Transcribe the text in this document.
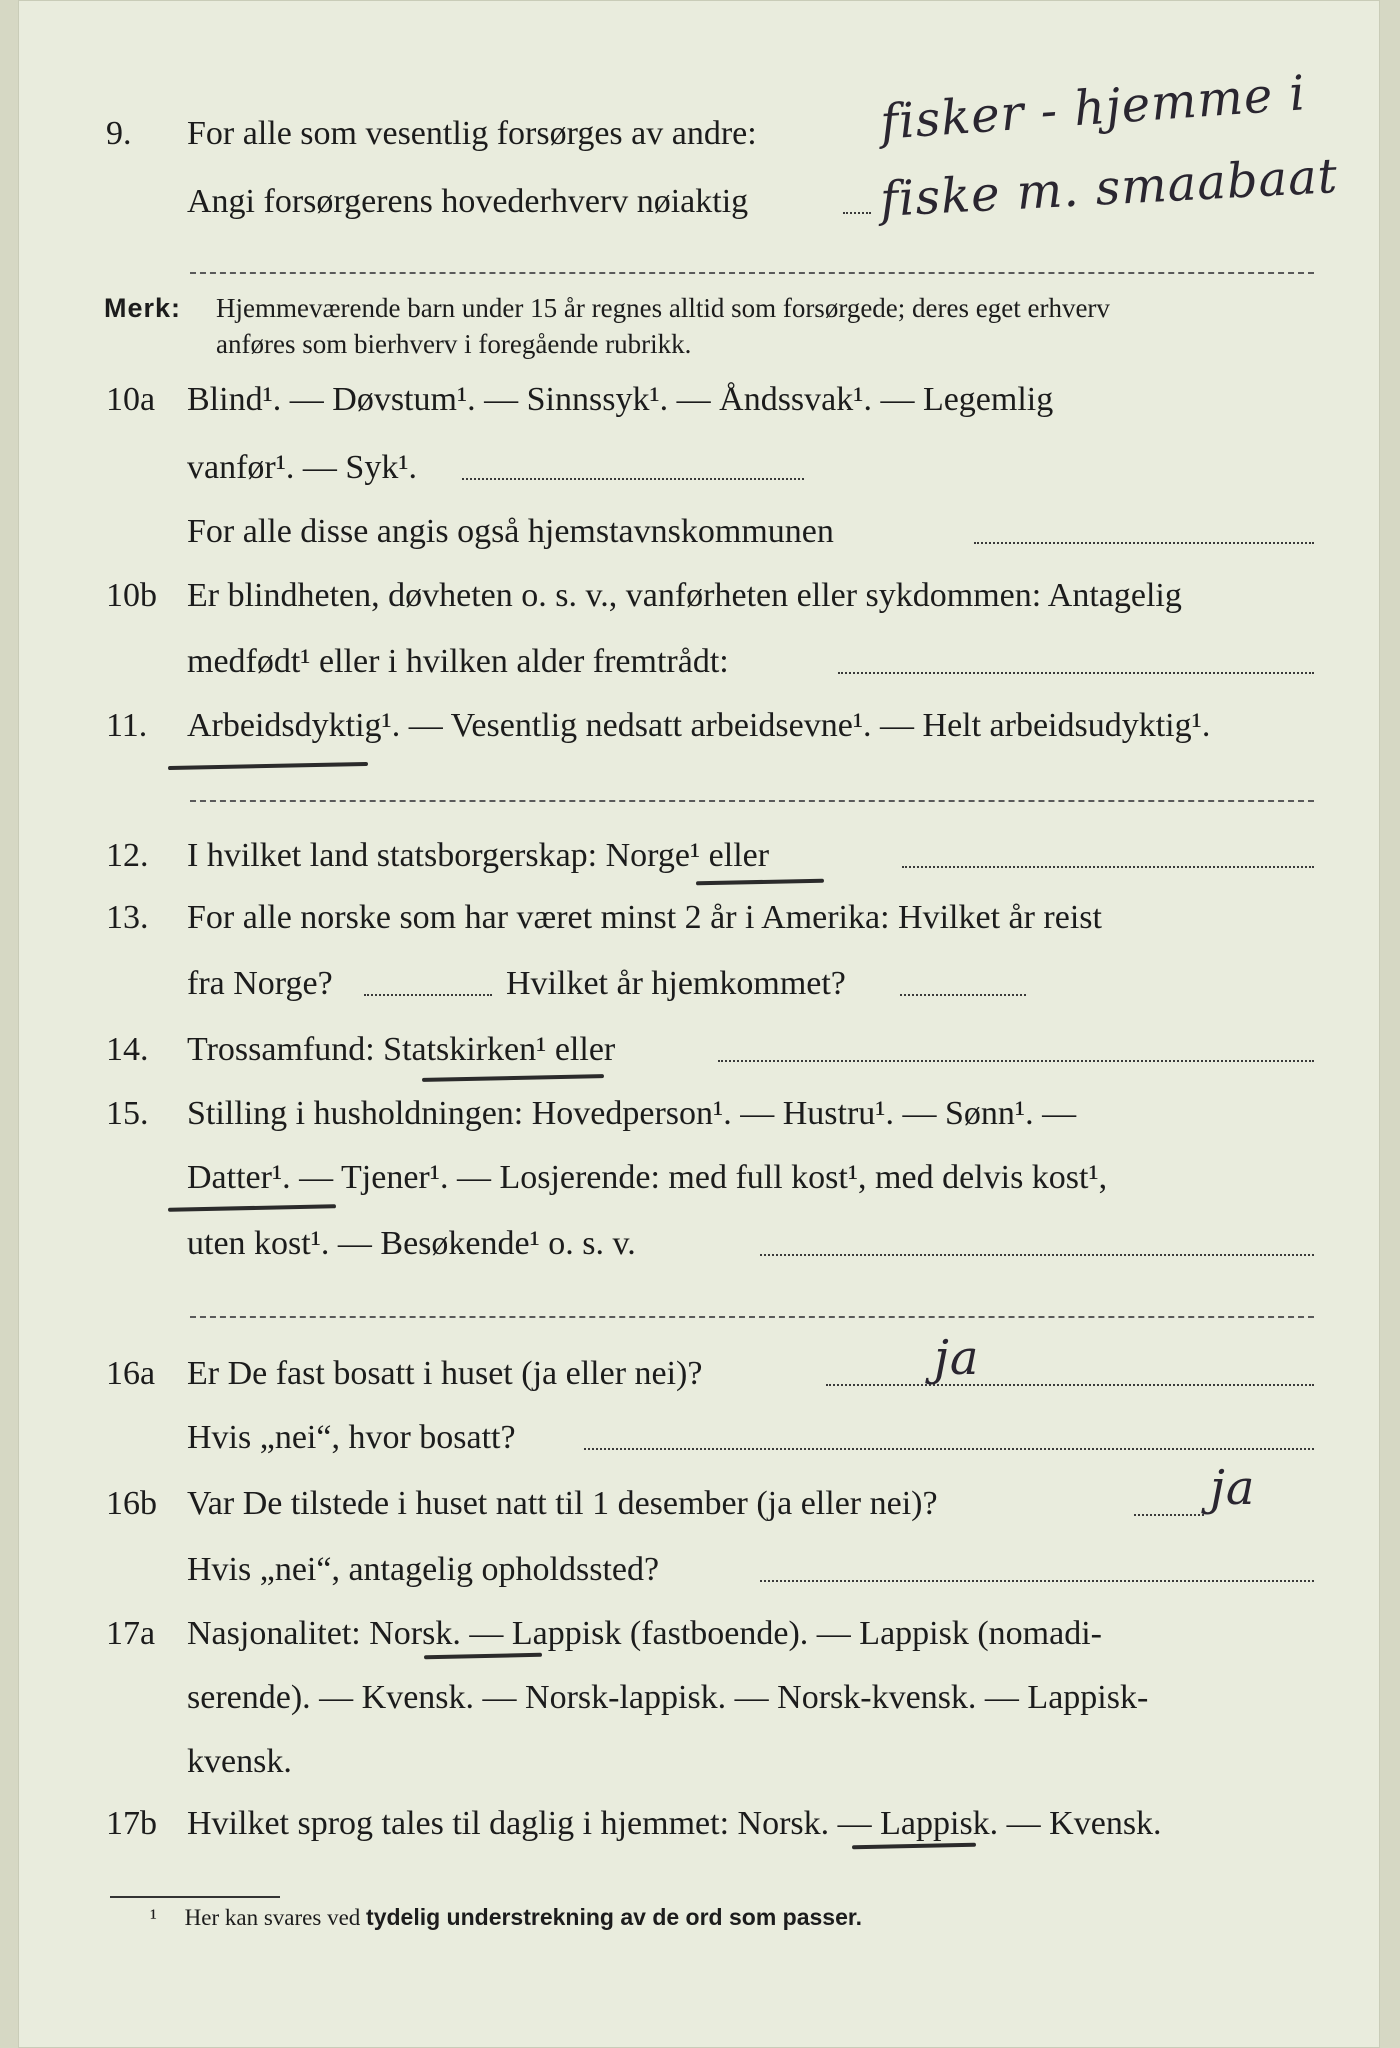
9. For alle som vesentlig forsørges av andre:
Angi forsørgerens hovederhverv nøiaktig
fisker - hjemme i
fiske m. smaabaat
Merk: Hjemmeværende barn under 15 år regnes alltid som forsørgede; deres eget erhverv
anføres som bierhverv i foregående rubrikk.
10a Blind¹. — Døvstum¹. — Sinnssyk¹. — Åndssvak¹. — Legemlig
vanfør¹. — Syk¹.
For alle disse angis også hjemstavnskommunen
10b Er blindheten, døvheten o. s. v., vanførheten eller sykdommen: Antagelig
medfødt¹ eller i hvilken alder fremtrådt:
11. Arbeidsdyktig¹. — Vesentlig nedsatt arbeidsevne¹. — Helt arbeidsudyktig¹.
12. I hvilket land statsborgerskap: Norge¹ eller
13. For alle norske som har været minst 2 år i Amerika: Hvilket år reist
fra Norge?	Hvilket år hjemkommet?
14. Trossamfund: Statskirken¹ eller
15. Stilling i husholdningen: Hovedperson¹. — Hustru¹. — Sønn¹. —
Datter¹. — Tjener¹. — Losjerende: med full kost¹, med delvis kost¹,
uten kost¹. — Besøkende¹ o. s. v.
16a Er De fast bosatt i huset (ja eller nei)?	ja
Hvis „nei“, hvor bosatt?
16b Var De tilstede i huset natt til 1 desember (ja eller nei)?	ja
Hvis „nei“, antagelig opholdssted?
17a Nasjonalitet: Norsk. — Lappisk (fastboende). — Lappisk (nomadi-
serende). — Kvensk. — Norsk-lappisk. — Norsk-kvensk. — Lappisk-
kvensk.
17b Hvilket sprog tales til daglig i hjemmet: Norsk. — Lappisk. — Kvensk.
¹ Her kan svares ved tydelig understrekning av de ord som passer.
